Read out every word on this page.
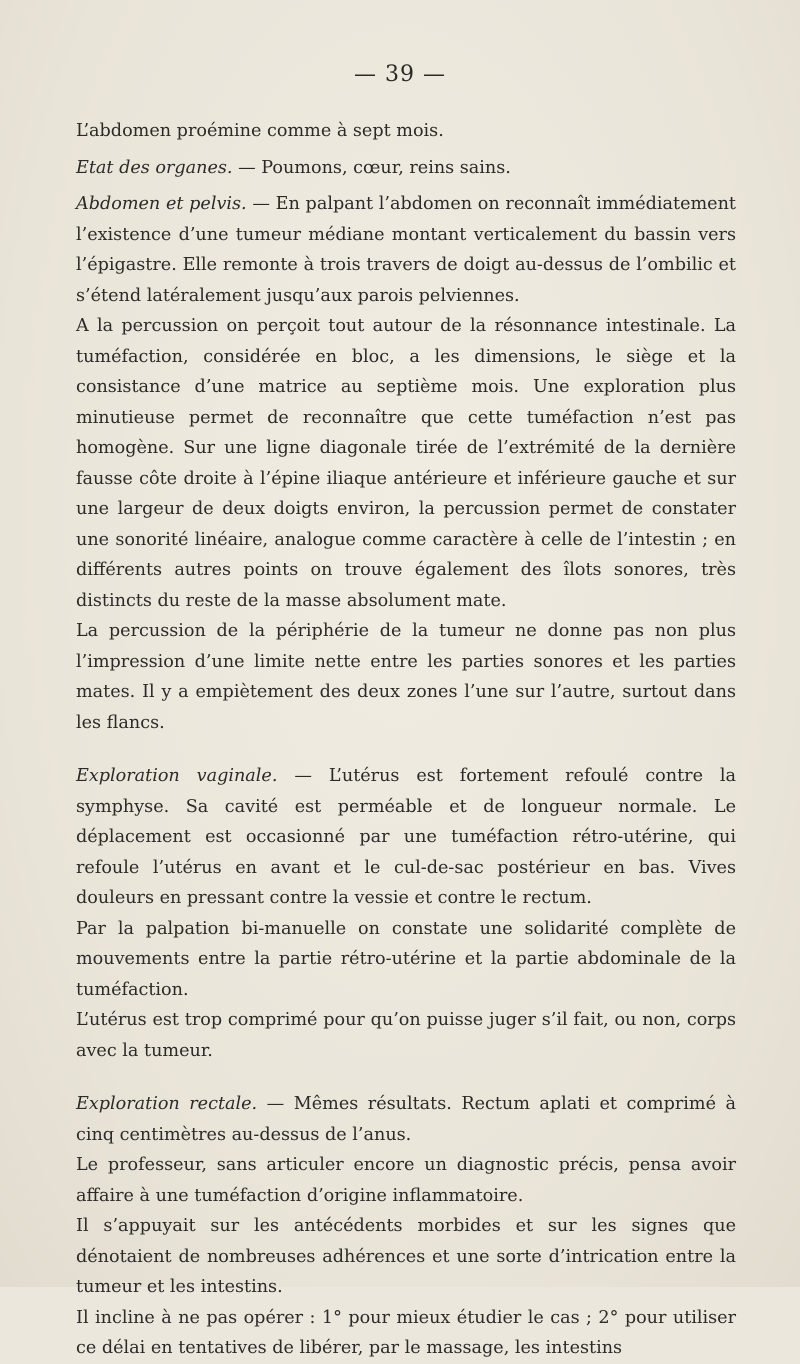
— 39 —

L’abdomen proémine comme à sept mois.

Etat des organes. — Poumons, cœur, reins sains.

Abdomen et pelvis. — En palpant l’abdomen on reconnaît immédiatement l’existence d’une tumeur médiane montant verticalement du bassin vers l’épigastre. Elle remonte à trois travers de doigt au-dessus de l’ombilic et s’étend latéralement jusqu’aux parois pelviennes.

A la percussion on perçoit tout autour de la résonnance intestinale. La tuméfaction, considérée en bloc, a les dimensions, le siège et la consistance d’une matrice au septième mois. Une exploration plus minutieuse permet de reconnaître que cette tuméfaction n’est pas homogène. Sur une ligne diagonale tirée de l’extrémité de la dernière fausse côte droite à l’épine iliaque antérieure et inférieure gauche et sur une largeur de deux doigts environ, la percussion permet de constater une sonorité linéaire, analogue comme caractère à celle de l’intestin ; en différents autres points on trouve également des îlots sonores, très distincts du reste de la masse absolument mate.

La percussion de la périphérie de la tumeur ne donne pas non plus l’impression d’une limite nette entre les parties sonores et les parties mates. Il y a empiètement des deux zones l’une sur l’autre, surtout dans les flancs.

Exploration vaginale. — L’utérus est fortement refoulé contre la symphyse. Sa cavité est perméable et de longueur normale. Le déplacement est occasionné par une tuméfaction rétro-utérine, qui refoule l’utérus en avant et le cul-de-sac postérieur en bas. Vives douleurs en pressant contre la vessie et contre le rectum.

Par la palpation bi-manuelle on constate une solidarité complète de mouvements entre la partie rétro-utérine et la partie abdominale de la tuméfaction.

L’utérus est trop comprimé pour qu’on puisse juger s’il fait, ou non, corps avec la tumeur.

Exploration rectale. — Mêmes résultats. Rectum aplati et comprimé à cinq centimètres au-dessus de l’anus.

Le professeur, sans articuler encore un diagnostic précis, pensa avoir affaire à une tuméfaction d’origine inflammatoire.

Il s’appuyait sur les antécédents morbides et sur les signes que dénotaient de nombreuses adhérences et une sorte d’intrication entre la tumeur et les intestins.

Il incline à ne pas opérer : 1° pour mieux étudier le cas ; 2° pour utiliser ce délai en tentatives de libérer, par le massage, les intestins
